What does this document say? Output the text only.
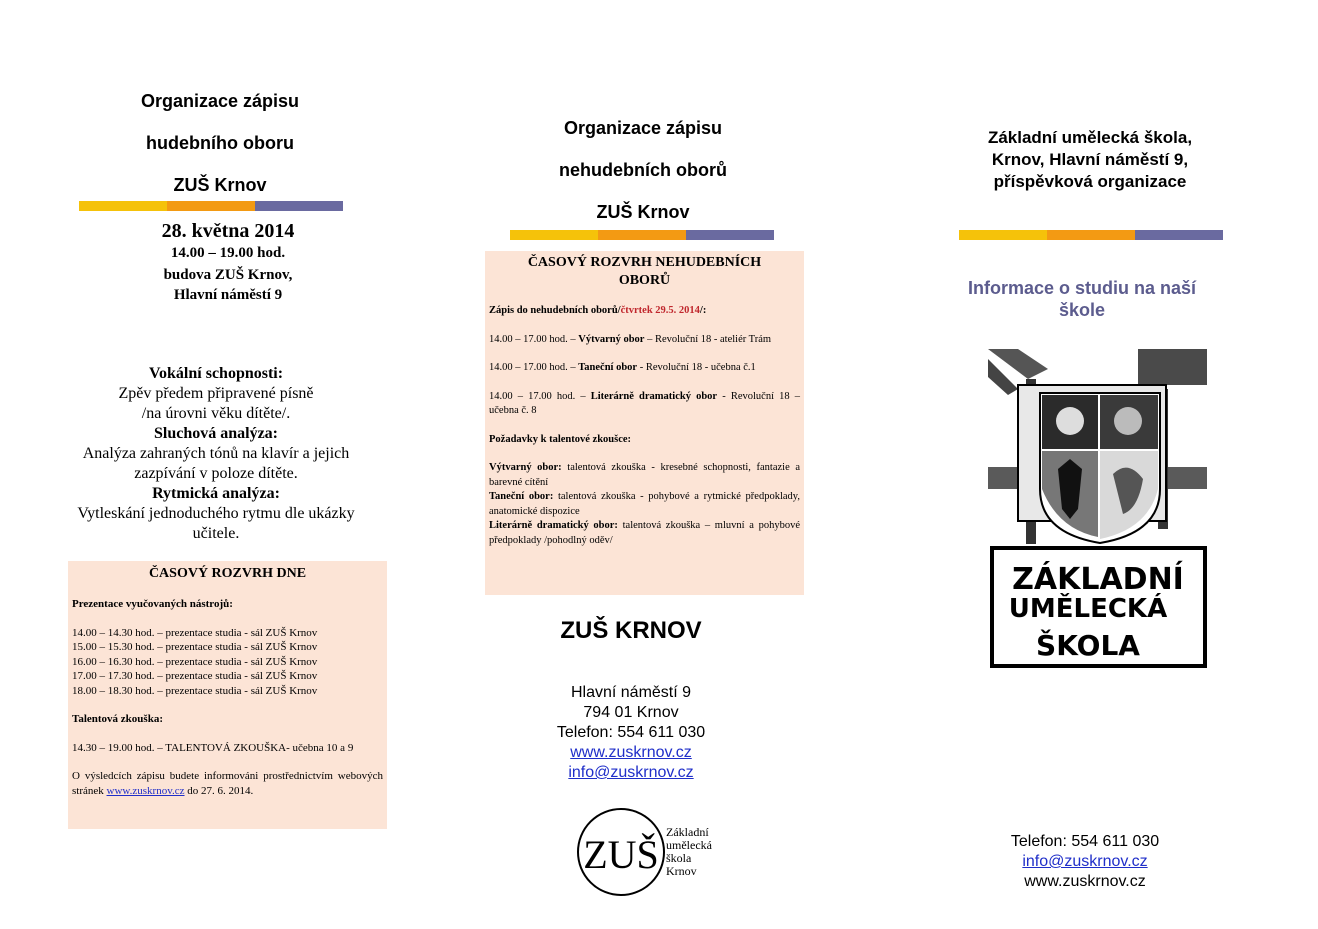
Organizace zápisu
hudebního oboru
ZUŠ Krnov
28. května 2014
14.00 – 19.00 hod.
budova ZUŠ Krnov,
Hlavní náměstí 9
Vokální schopnosti:
Zpěv předem připravené písně
/na úrovni věku dítěte/.
Sluchová analýza:
Analýza zahraných tónů na klavír a jejich
zazpívání v poloze dítěte.
Rytmická analýza:
Vytleskání jednoduchého rytmu dle ukázky
učitele.
ČASOVÝ ROZVRH DNE

Prezentace vyučovaných nástrojů:

14.00 – 14.30 hod. – prezentace studia - sál ZUŠ Krnov

15.00 – 15.30 hod. – prezentace studia - sál ZUŠ Krnov

16.00 – 16.30 hod. – prezentace studia - sál ZUŠ Krnov

17.00 – 17.30 hod. – prezentace studia - sál ZUŠ Krnov

18.00 – 18.30 hod. – prezentace studia - sál ZUŠ Krnov

Talentová zkouška:

14.30 – 19.00 hod. – TALENTOVÁ ZKOUŠKA- učebna 10 a 9

O výsledcích zápisu budete informováni prostřednictvím webových stránek www.zuskrnov.cz do 27. 6. 2014.

Organizace zápisu
nehudebních oborů
ZUŠ Krnov
ČASOVÝ ROZVRH NEHUDEBNÍCH OBORŮ

Zápis do nehudebních oborů/čtvrtek 29.5. 2014/:

14.00 – 17.00 hod. – Výtvarný obor – Revoluční 18 - ateliér Trám

14.00 – 17.00 hod. – Taneční obor - Revoluční 18 - učebna č.1

14.00 – 17.00 hod. – Literárně dramatický obor - Revoluční 18 – učebna č. 8

Požadavky k talentové zkoušce:

Výtvarný obor: talentová zkouška - kresebné schopnosti, fantazie a barevné cítění

Taneční obor: talentová zkouška - pohybové a rytmické předpoklady, anatomické dispozice

Literárně dramatický obor: talentová zkouška – mluvní a pohybové předpoklady /pohodlný oděv/

ZUŠ KRNOV
Hlavní náměstí 9
794 01 Krnov
Telefon: 554 611 030
www.zuskrnov.cz
info@zuskrnov.cz
ZUŠ Základní
umělecká
škola
Krnov
Základní umělecká škola,
Krnov, Hlavní náměstí 9,
příspěvková organizace
Informace o studiu na naší
škole
ZÁKLADNÍ
UMĚLECKÁ
ŠKOLA
Telefon: 554 611 030
info@zuskrnov.cz
www.zuskrnov.cz
